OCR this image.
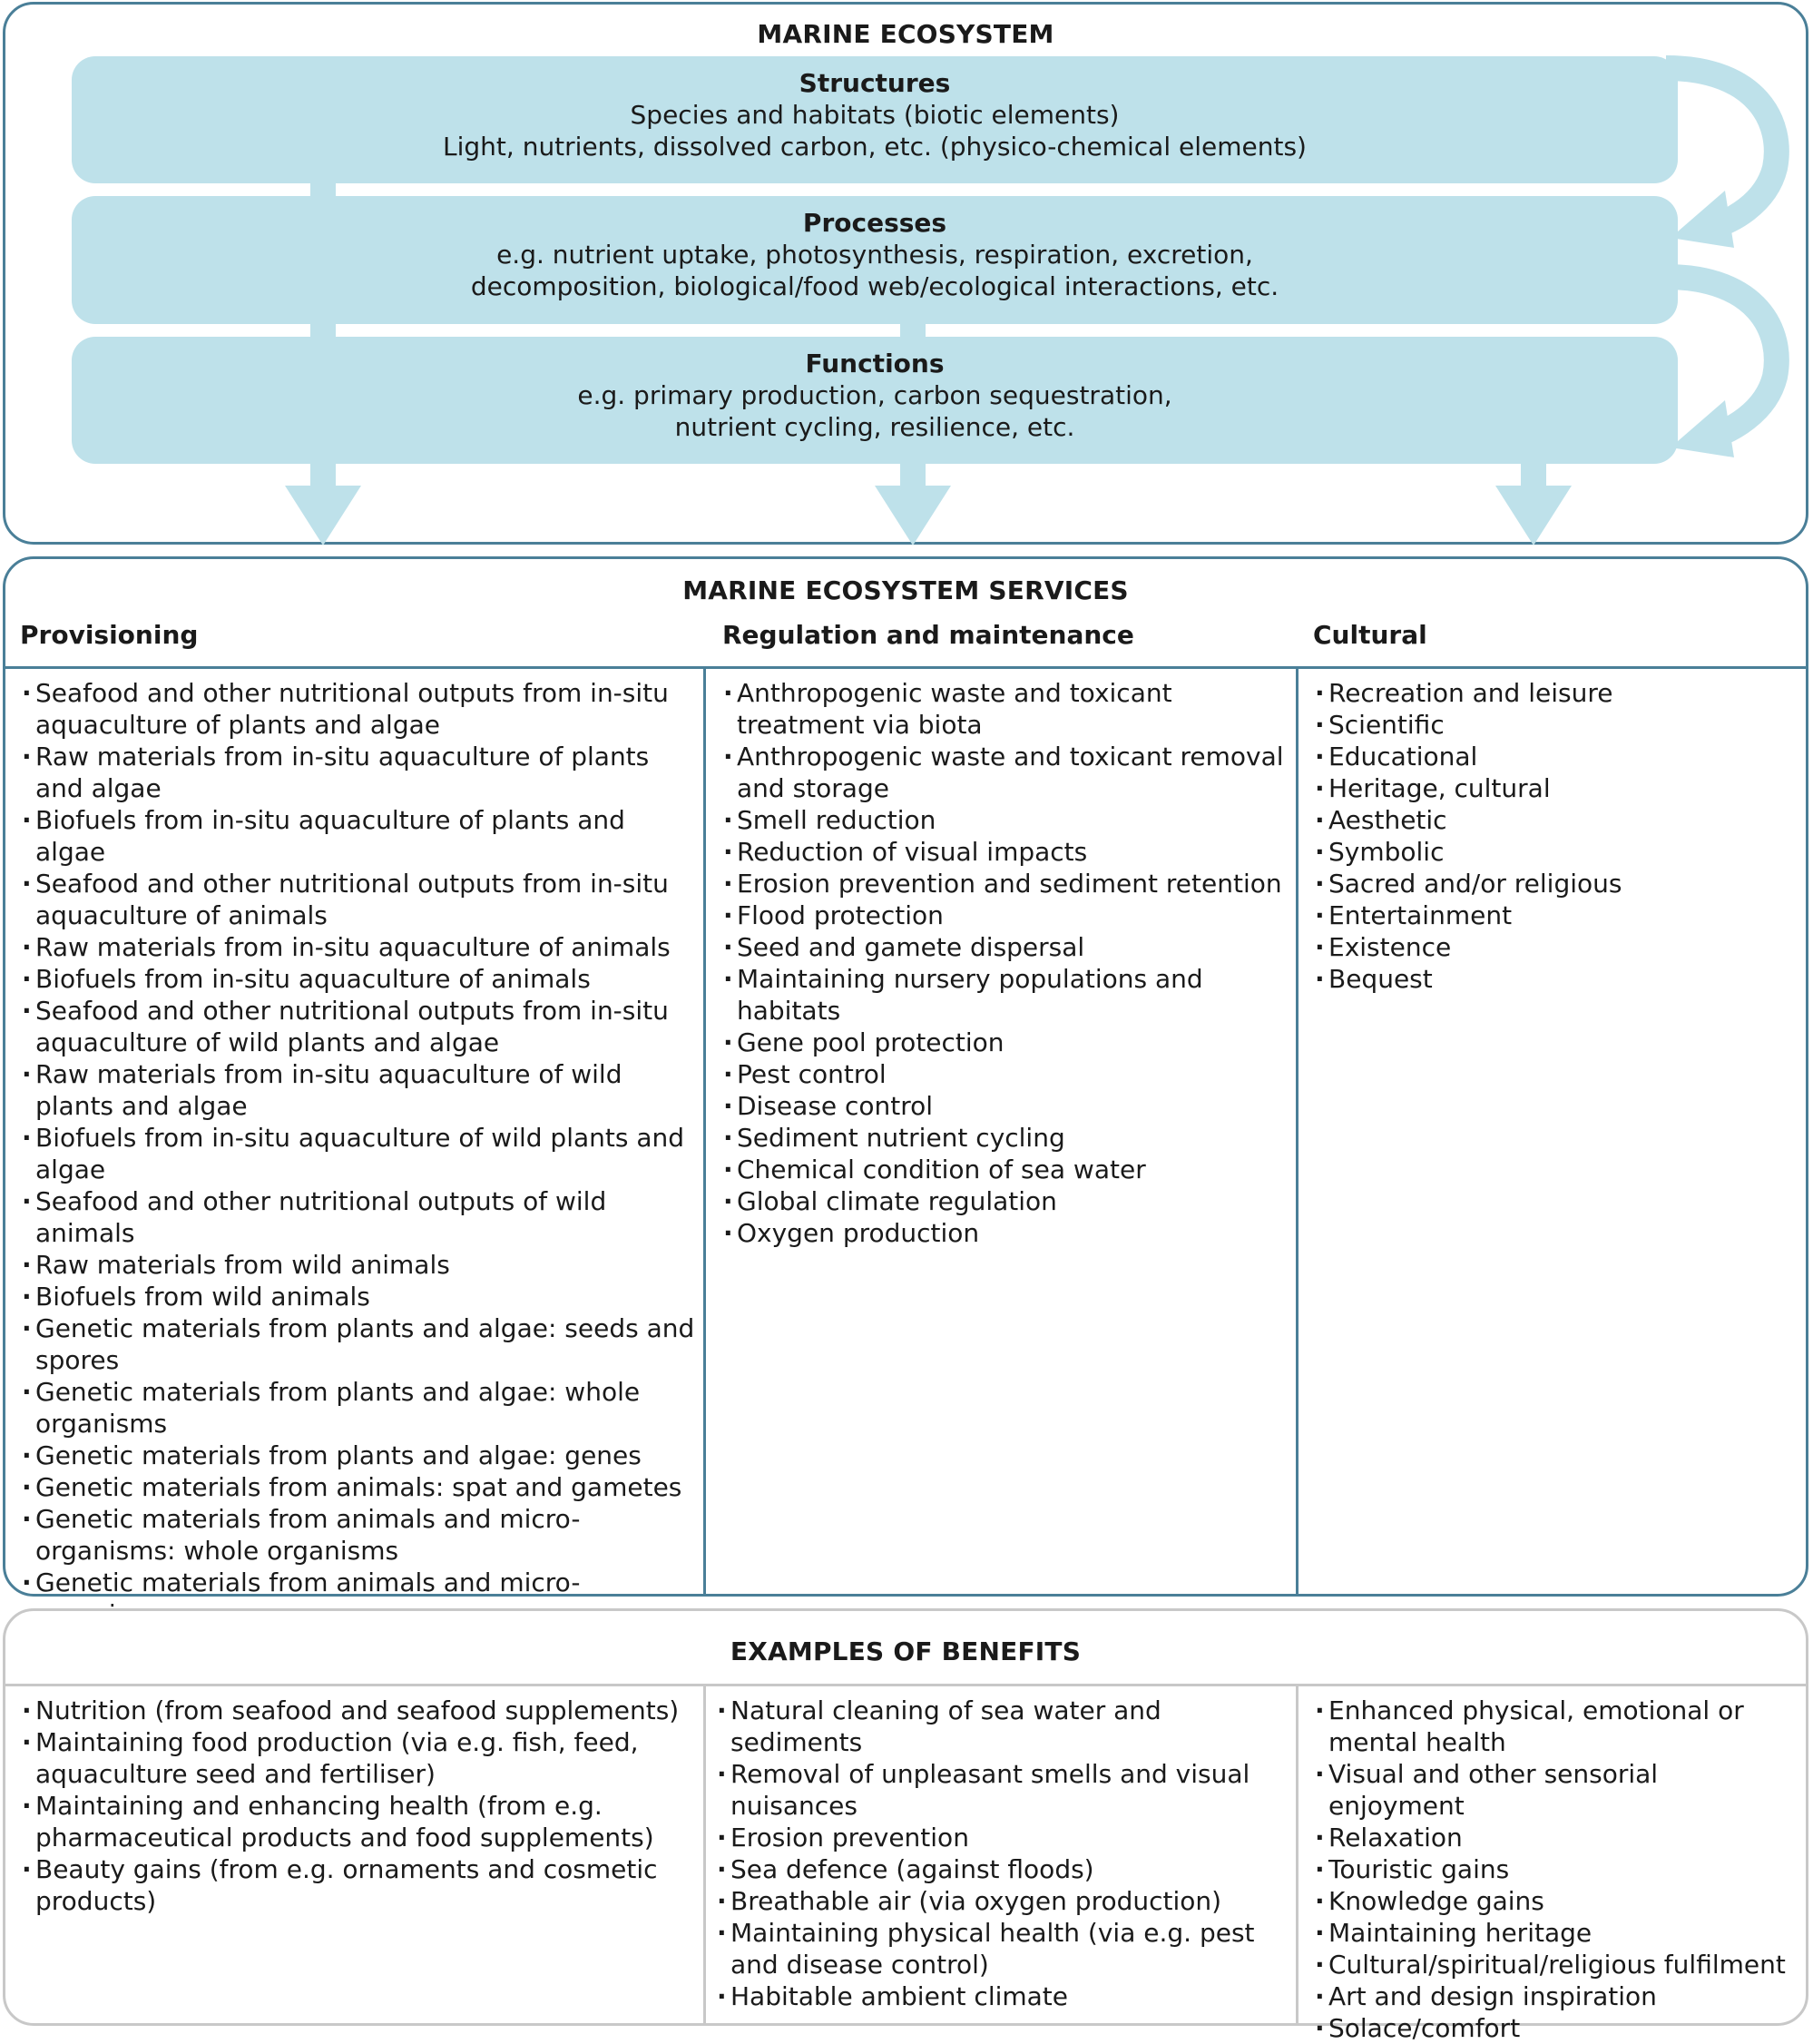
MARINE ECOSYSTEM
Structures
Species and habitats (biotic elements)
Light, nutrients, dissolved carbon, etc. (physico-chemical elements)
Processes
e.g. nutrient uptake, photosynthesis, respiration, excretion,
decomposition, biological/food web/ecological interactions, etc.
Functions
e.g. primary production, carbon sequestration,
nutrient cycling, resilience, etc.
MARINE ECOSYSTEM SERVICES
Provisioning	Regulation and maintenance	Cultural
· Seafood and other nutritional outputs from in-situ aquaculture of plants and algae
· Raw materials from in-situ aquaculture of plants and algae
· Biofuels from in-situ aquaculture of plants and algae
· Seafood and other nutritional outputs from in-situ aquaculture of animals
· Raw materials from in-situ aquaculture of animals
· Biofuels from in-situ aquaculture of animals
· Seafood and other nutritional outputs from in-situ aquaculture of wild plants and algae
· Raw materials from in-situ aquaculture of wild plants and algae
· Biofuels from in-situ aquaculture of wild plants and algae
· Seafood and other nutritional outputs of wild animals
· Raw materials from wild animals
· Biofuels from wild animals
· Genetic materials from plants and algae: seeds and spores
· Genetic materials from plants and algae: whole organisms
· Genetic materials from plants and algae: genes
· Genetic materials from animals: spat and gametes
· Genetic materials from animals and micro-organisms: whole organisms
· Genetic materials from animals and micro-
· Anthropogenic waste and toxicant treatment via biota
· Anthropogenic waste and toxicant removal and storage
· Smell reduction
· Reduction of visual impacts
· Erosion prevention and sediment retention
· Flood protection
· Seed and gamete dispersal
· Maintaining nursery populations and habitats
· Gene pool protection
· Pest control
· Disease control
· Sediment nutrient cycling
· Chemical condition of sea water
· Global climate regulation
· Oxygen production
· Recreation and leisure
· Scientific
· Educational
· Heritage, cultural
· Aesthetic
· Symbolic
· Sacred and/or religious
· Entertainment
· Existence
· Bequest
EXAMPLES OF BENEFITS
· Nutrition (from seafood and seafood supplements)
· Maintaining food production (via e.g. fish, feed, aquaculture seed and fertiliser)
· Maintaining and enhancing health (from e.g. pharmaceutical products and food supplements)
· Beauty gains (from e.g. ornaments and cosmetic products)
· Natural cleaning of sea water and sediments
· Removal of unpleasant smells and visual nuisances
· Erosion prevention
· Sea defence (against floods)
· Breathable air (via oxygen production)
· Maintaining physical health (via e.g. pest and disease control)
· Habitable ambient climate
· Enhanced physical, emotional or mental health
· Visual and other sensorial enjoyment
· Relaxation
· Touristic gains
· Knowledge gains
· Maintaining heritage
· Cultural/spiritual/religious fulfilment
· Art and design inspiration
· Solace/comfort
